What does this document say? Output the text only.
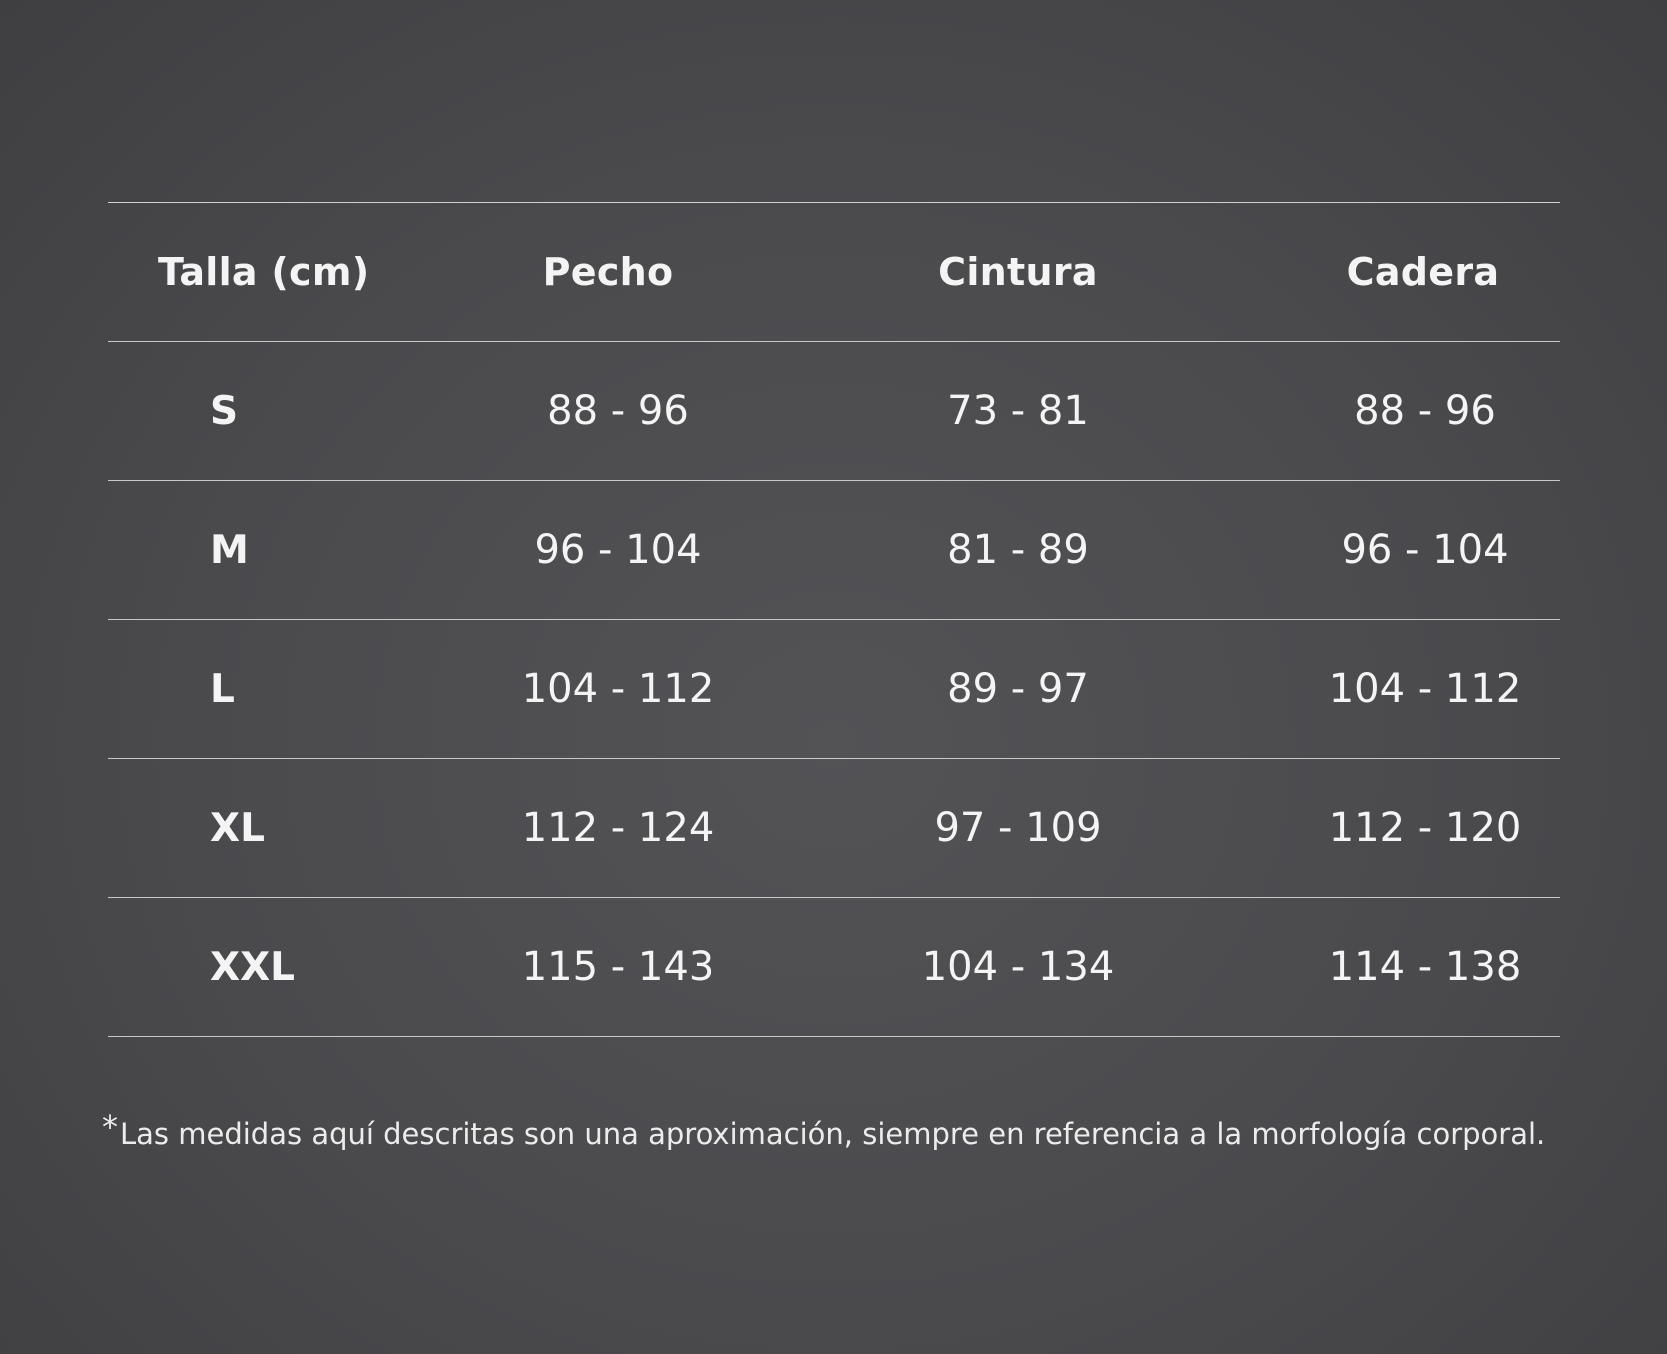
Talla (cm)	Pecho	Cintura	Cadera
S	88 - 96	73 - 81	88 - 96
M	96 - 104	81 - 89	96 - 104
L	104 - 112	89 - 97	104 - 112
XL	112 - 124	97 - 109	112 - 120
XXL	115 - 143	104 - 134	114 - 138
*Las medidas aquí descritas son una aproximación, siempre en referencia a la morfología corporal.
